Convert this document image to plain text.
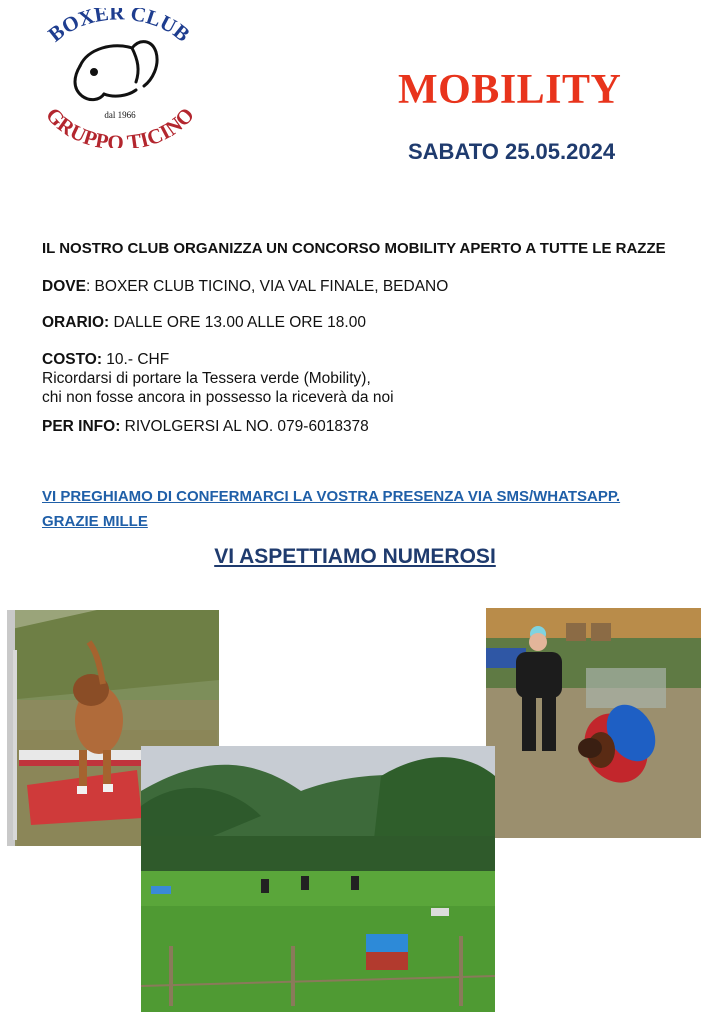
BOXER CLUB
GRUPPO TICINO
dal 1966
MOBILITY
SABATO 25.05.2024
IL NOSTRO CLUB ORGANIZZA UN CONCORSO MOBILITY APERTO A TUTTE LE RAZZE
DOVE: BOXER CLUB TICINO, VIA VAL FINALE, BEDANO
ORARIO: DALLE ORE 13.00 ALLE ORE 18.00
COSTO: 10.- CHF
Ricordarsi di portare la Tessera verde (Mobility),
chi non fosse ancora in possesso la riceverà da noi
PER INFO: RIVOLGERSI AL NO. 079-6018378
VI PREGHIAMO DI CONFERMARCI LA VOSTRA PRESENZA VIA SMS/WHATSAPP.
GRAZIE MILLE
VI ASPETTIAMO NUMEROSI
